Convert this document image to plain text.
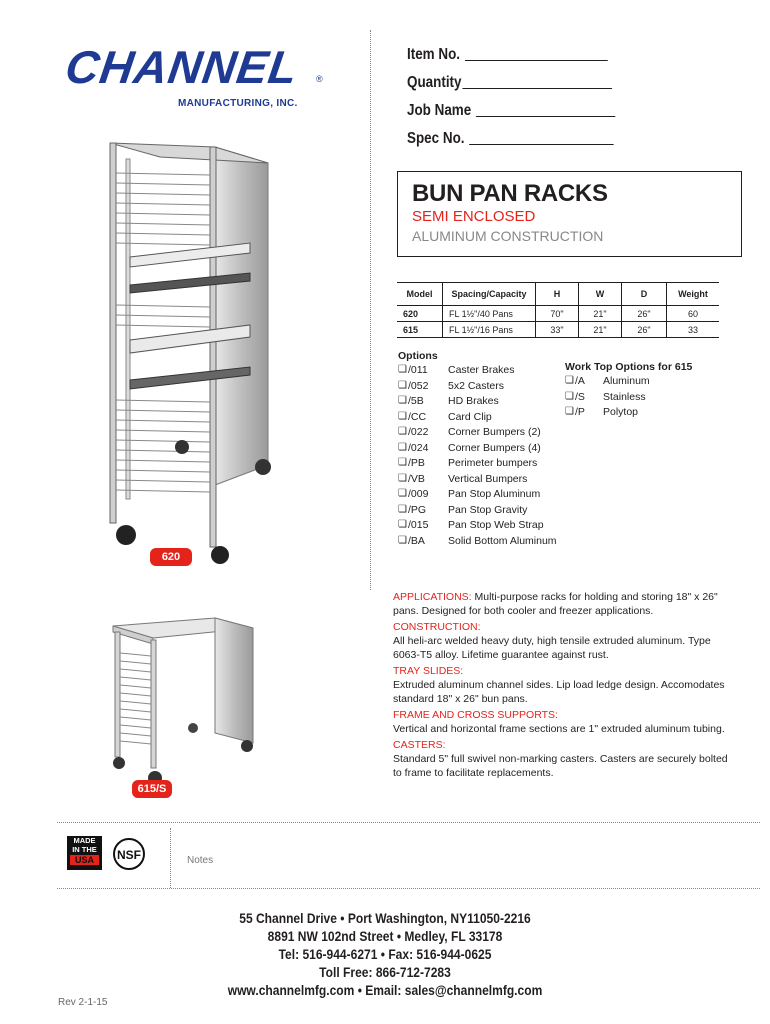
CHANNEL ®
MANUFACTURING, INC.
Item No.
Quantity
Job Name
Spec No.
BUN PAN RACKS
SEMI ENCLOSED
ALUMINUM CONSTRUCTION
Model	Spacing/Capacity	H	W	D	Weight
620	FL 1½"/40 Pans	70"	21"	26"	60
615	FL 1½"/16 Pans	33"	21"	26"	33
Options
❏ /011	Caster Brakes
❏ /052	5x2 Casters
❏ /5B	HD Brakes
❏ /CC	Card Clip
❏ /022	Corner Bumpers (2)
❏ /024	Corner Bumpers (4)
❏ /PB	Perimeter bumpers
❏ /VB	Vertical Bumpers
❏ /009	Pan Stop Aluminum
❏ /PG	Pan Stop Gravity
❏ /015	Pan Stop Web Strap
❏ /BA	Solid Bottom Aluminum
Work Top Options for 615
❏ /A	Aluminum
❏ /S	Stainless
❏ /P	Polytop
620
615/S
APPLICATIONS: Multi-purpose racks for holding and storing 18" x 26" pans. Designed for both cooler and freezer applications.
CONSTRUCTION:
All heli-arc welded heavy duty, high tensile extruded aluminum. Type 6063-T5 alloy. Lifetime guarantee against rust.
TRAY SLIDES:
Extruded aluminum channel sides. Lip load ledge design. Accomodates standard 18" x 26" bun pans.
FRAME AND CROSS SUPPORTS:
Vertical and horizontal frame sections are 1" extruded aluminum tubing.
CASTERS:
Standard 5" full swivel non-marking casters. Casters are securely bolted to frame to facilitate replacements.
MADE
IN THE
USA	NSF	Notes
55 Channel Drive • Port Washington, NY11050-2216
8891 NW 102nd Street • Medley, FL 33178
Tel: 516-944-6271 • Fax: 516-944-0625
Toll Free: 866-712-7283
www.channelmfg.com • Email: sales@channelmfg.com
Rev 2-1-15
